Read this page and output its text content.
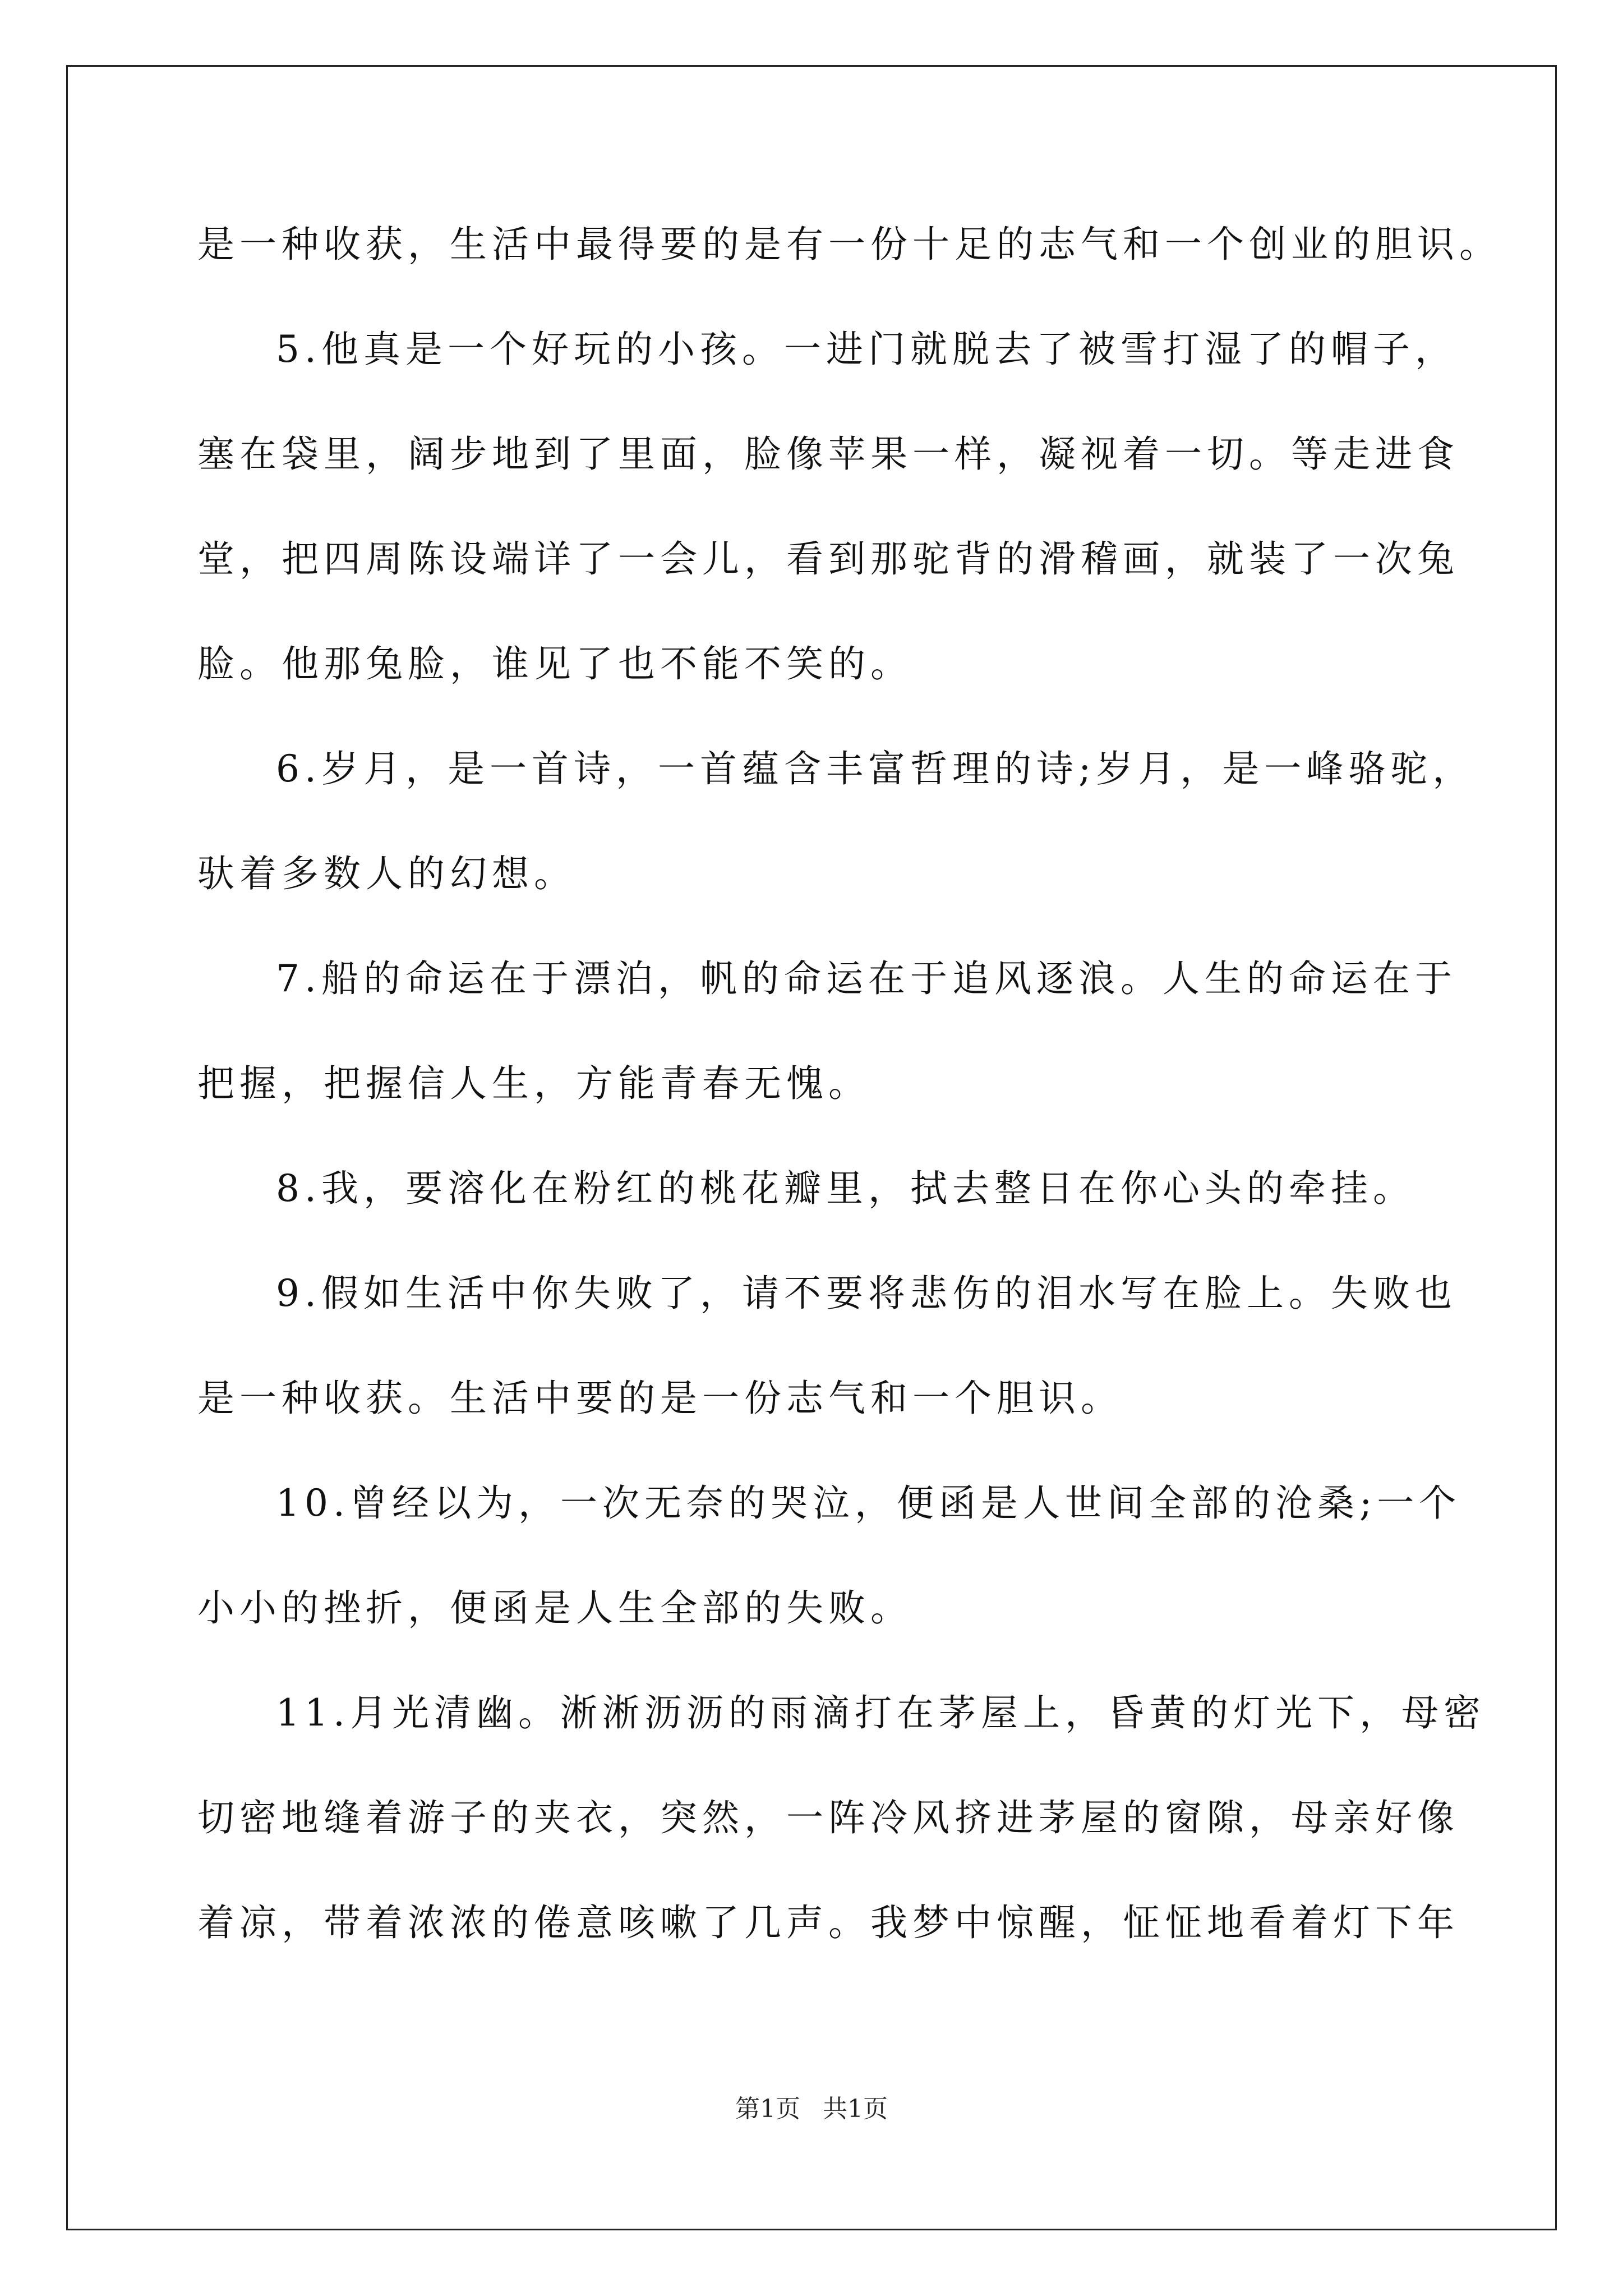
是一种收获，生活中最得要的是有一份十足的志气和一个创业的胆识。
5.他真是一个好玩的小孩。一进门就脱去了被雪打湿了的帽子，
塞在袋里，阔步地到了里面，脸像苹果一样，凝视着一切。等走进食
堂，把四周陈设端详了一会儿，看到那驼背的滑稽画，就装了一次兔
脸。他那兔脸，谁见了也不能不笑的。
6.岁月，是一首诗，一首蕴含丰富哲理的诗;岁月，是一峰骆驼，
驮着多数人的幻想。
7.船的命运在于漂泊，帆的命运在于追风逐浪。人生的命运在于
把握，把握信人生，方能青春无愧。
8.我，要溶化在粉红的桃花瓣里，拭去整日在你心头的牵挂。
9.假如生活中你失败了，请不要将悲伤的泪水写在脸上。失败也
是一种收获。生活中要的是一份志气和一个胆识。
10.曾经以为，一次无奈的哭泣，便函是人世间全部的沧桑;一个
小小的挫折，便函是人生全部的失败。
11.月光清幽。淅淅沥沥的雨滴打在茅屋上，昏黄的灯光下，母密
切密地缝着游子的夹衣，突然，一阵冷风挤进茅屋的窗隙，母亲好像
着凉，带着浓浓的倦意咳嗽了几声。我梦中惊醒，怔怔地看着灯下年
第1页 共1页
